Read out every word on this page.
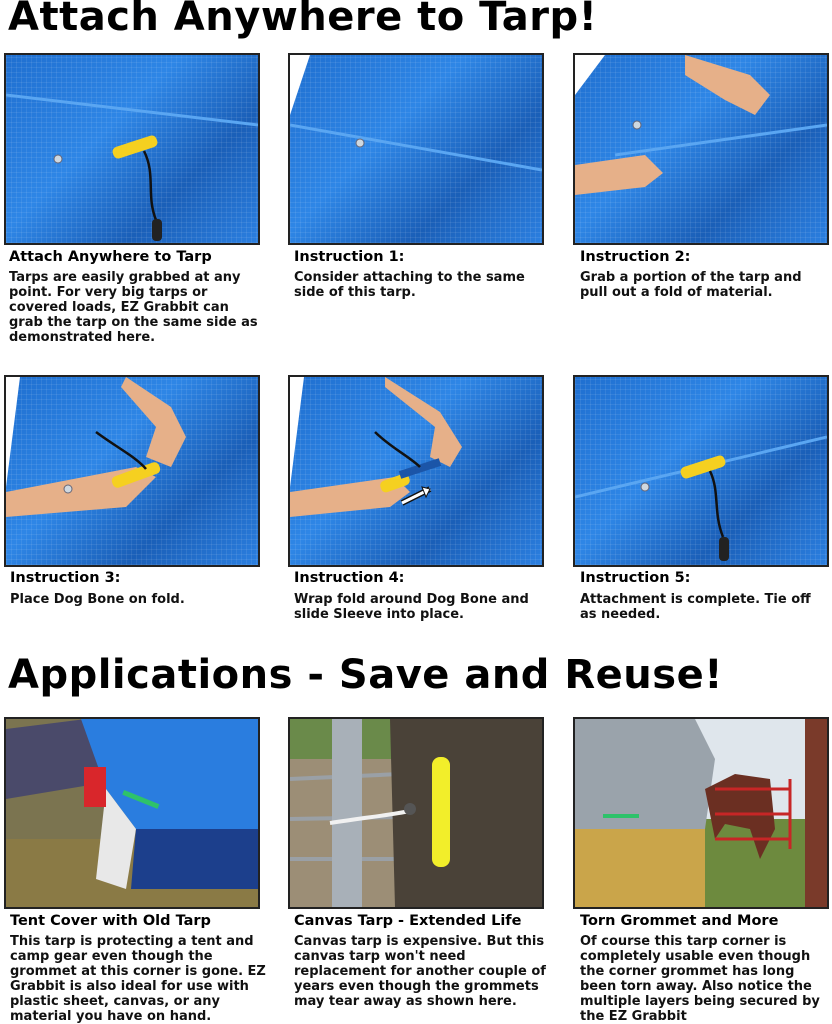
Attach Anywhere to Tarp!
Applications - Save and Reuse!
Attach Anywhere to Tarp
Tarps are easily grabbed at any point. For very big tarps or covered loads, EZ Grabbit can grab the tarp on the same side as demonstrated here.
Instruction 1:
Consider attaching to the same side of this tarp.
Instruction 2:
Grab a portion of the tarp and pull out a fold of material.
Instruction 3:
Place Dog Bone on fold.
Instruction 4:
Wrap fold around Dog Bone and slide Sleeve into place.
Instruction 5:
Attachment is complete. Tie off as needed.
Tent Cover with Old Tarp
This tarp is protecting a tent and camp gear even though the grommet at this corner is gone. EZ Grabbit is also ideal for use with plastic sheet, canvas, or any material you have on hand.
Canvas Tarp - Extended Life
Canvas tarp is expensive. But this canvas tarp won't need replacement for another couple of years even though the grommets may tear away as shown here.
Torn Grommet and More
Of course this tarp corner is completely usable even though the corner grommet has long been torn away. Also notice the multiple layers being secured by the EZ Grabbit
